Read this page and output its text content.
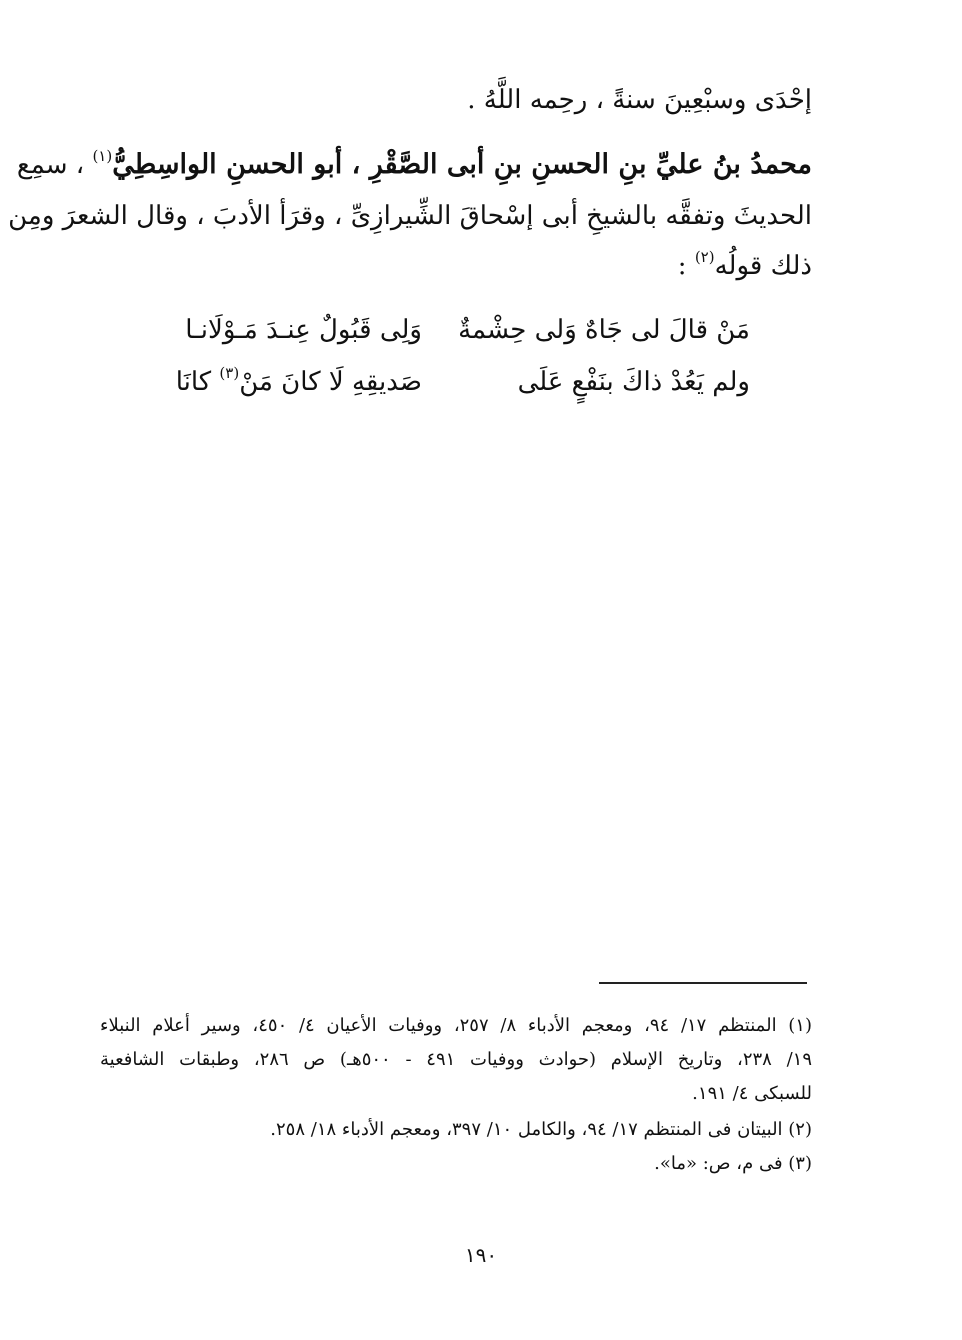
إحْدَى وسبْعِينَ سنةً ، رحِمه اللَّهُ .
محمدُ بنُ عليِّ بنِ الحسنِ بنِ أبى الصَّقْرِ ، أبو الحسنِ الواسِطِيُّ$^{(١)}$ ، سمِع
الحديثَ وتفقَّه بالشيخِ أبى إسْحاقَ الشِّيرازِىِّ ، وقرَأ الأدبَ ، وقال الشعرَ ومِن
ذلك قولُه$^{(٢)}$ :
مَنْ قالَ لى جَاهٌ وَلى حِشْمةٌ
وَلِى قَبُولٌ عِنـدَ مَـوْلَانـا
ولم يَعُدْ ذاكَ بنَفْعٍ عَلَى
صَديقِهِ لَا كانَ مَنْ$^{(٣)}$ كانَا
(١) المنتظم ١٧/ ٩٤، ومعجم الأدباء ٨/ ٢٥٧، ووفيات الأعيان ٤/ ٤٥٠، وسير أعلام النبلاء
١٩/ ٢٣٨، وتاريخ الإسلام (حوادث ووفيات ٤٩١ - ٥٠٠هـ) ص ٢٨٦، وطبقات الشافعية
للسبكى ٤/ ١٩١.
(٢) البيتان فى المنتظم ١٧/ ٩٤، والكامل ١٠/ ٣٩٧، ومعجم الأدباء ١٨/ ٢٥٨.
(٣) فى م، ص: «ما».
١٩٠
